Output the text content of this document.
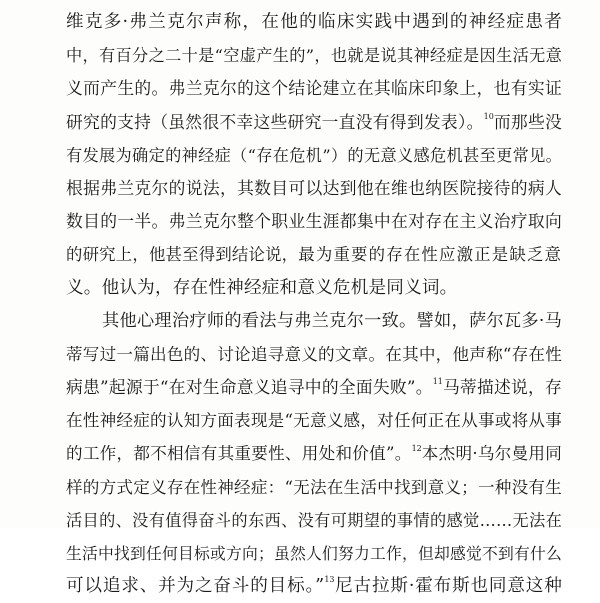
维克多·弗兰克尔声称，在他的临床实践中遇到的神经症患者
中，有百分之二十是“空虚产生的”，也就是说其神经症是因生活无意
义而产生的。弗兰克尔的这个结论建立在其临床印象上，也有实证
研究的支持（虽然很不幸这些研究一直没有得到发表）。$^{10}$而那些没
有发展为确定的神经症（“存在危机”）的无意义感危机甚至更常见。
根据弗兰克尔的说法，其数目可以达到他在维也纳医院接待的病人
数目的一半。弗兰克尔整个职业生涯都集中在对存在主义治疗取向
的研究上，他甚至得到结论说，最为重要的存在性应激正是缺乏意
义。他认为，存在性神经症和意义危机是同义词。
其他心理治疗师的看法与弗兰克尔一致。譬如，萨尔瓦多·马
蒂写过一篇出色的、讨论追寻意义的文章。在其中，他声称“存在性
病患”起源于“在对生命意义追寻中的全面失败”。$^{11}$马蒂描述说，存
在性神经症的认知方面表现是“无意义感，对任何正在从事或将从事
的工作，都不相信有其重要性、用处和价值”。$^{12}$本杰明·乌尔曼用同
样的方式定义存在性神经症：“无法在生活中找到意义；一种没有生
活目的、没有值得奋斗的东西、没有可期望的事情的感觉……无法在
生活中找到任何目标或方向；虽然人们努力工作，但却感觉不到有什么
可以追求、并为之奋斗的目标。”$^{13}$尼古拉斯·霍布斯也同意这种
